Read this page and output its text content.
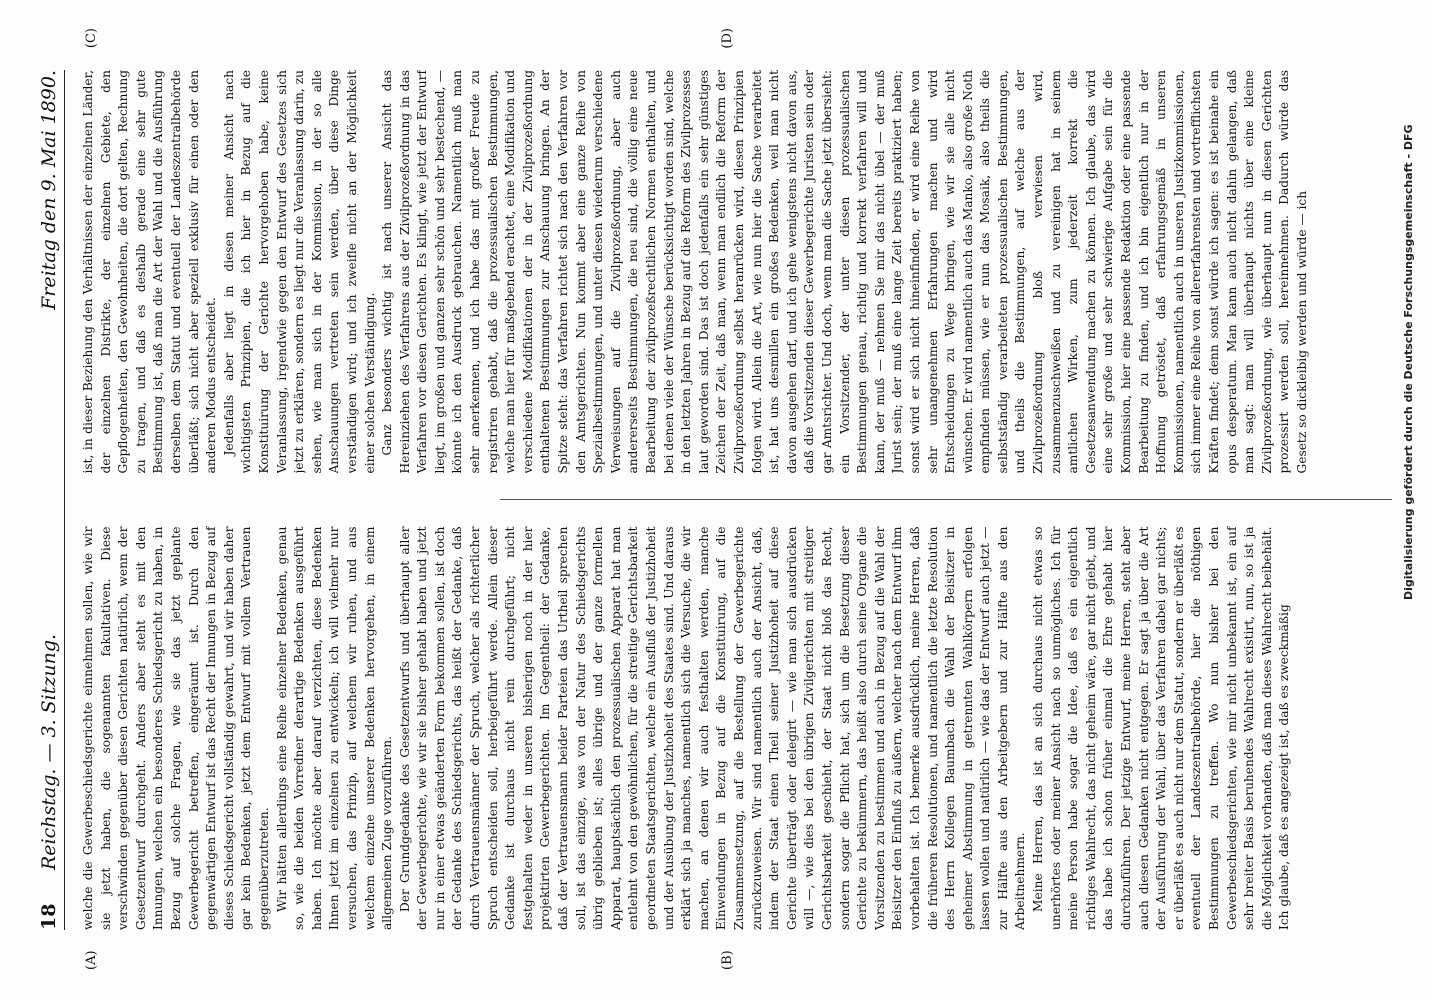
18
Reichstag. — 3. Sitzung.
Freitag den 9. Mai 1890.
(A)	(B)
(C)	(D)

welche die Gewerbeschiedsgerichte einnehmen sollen, wie wir sie jetzt haben, die sogenannten fakultativen. Diese verschwinden gegenüber diesen Gerichten natürlich, wenn der Gesetzentwurf durchgeht. Anders aber steht es mit den Innungen, welchen ein besonderes Schiedsgericht zu haben, in Bezug auf solche Fragen, wie sie das jetzt geplante Gewerbegericht betreffen, eingeräumt ist. Durch den gegenwärtigen Entwurf ist das Recht der Innungen in Bezug auf dieses Schiedsgericht vollständig gewahrt, und wir haben daher gar kein Bedenken, jetzt dem Entwurf mit vollem Vertrauen gegenüberzutreten. Wir hätten allerdings eine Reihe einzelner Bedenken, genau so, wie die beiden Vorredner derartige Bedenken ausgeführt haben. Ich möchte aber darauf verzichten, diese Bedenken Ihnen jetzt im einzelnen zu entwickeln; ich will vielmehr nur versuchen, das Prinzip, auf welchem wir ruhen, und aus welchem einzelne unserer Bedenken hervorgehen, in einem allgemeinen Zuge vorzuführen. Der Grundgedanke des Gesetzentwurfs und überhaupt aller der Gewerbegerichte, wie wir sie bisher gehabt haben und jetzt nur in einer etwas geänderten Form bekommen sollen, ist doch der Gedanke des Schiedsgerichts, das heißt der Gedanke, daß durch Vertrauensmänner der Spruch, welcher als richterlicher Spruch entscheiden soll, herbeigeführt werde. Allein dieser Gedanke ist durchaus nicht rein durchgeführt; nicht festgehalten weder in unseren bisherigen noch in der hier projektirten Gewerbegerichten. Im Gegentheil: der Gedanke, daß der Vertrauensmann beider Parteien das Urtheil sprechen soll, ist das einzige, was von der Natur des Schiedsgerichts übrig geblieben ist; alles übrige und der ganze formellen Apparat, hauptsächlich den prozessualischen Apparat hat man entlehnt von den gewöhnlichen, für die streitige Gerichtsbarkeit geordneten Staatsgerichten, welche ein Ausfluß der Justizhoheit und der Ausübung der Justizhoheit des Staates sind. Und daraus erklärt sich ja manches, namentlich sich die Versuche, die wir machen, an denen wir auch festhalten werden, manche Einwendungen in Bezug auf die Konstituirung, auf die Zusammensetzung, auf die Bestellung der Gewerbegerichte zurückzuweisen. Wir sind namentlich auch der Ansicht, daß, indem der Staat einen Theil seiner Justizhoheit auf diese Gerichte überträgt oder delegirt — wie man sich ausdrücken will —, wie dies bei den übrigen Zivilgerichten mit streitiger Gerichtsbarkeit geschieht, der Staat nicht bloß das Recht, sondern sogar die Pflicht hat, sich um die Besetzung dieser Gerichte zu bekümmern, das heißt also durch seine Organe die Vorsitzenden zu bestimmen und auch in Bezug auf die Wahl der Beisitzer den Einfluß zu äußern, welcher nach dem Entwurf ihm vorbehalten ist. Ich bemerke ausdrücklich, meine Herren, daß die früheren Resolutionen, und namentlich die letzte Resolution des Herrn Kollegen Baumbach die Wahl der Beisitzer in geheimer Abstimmung in getrennten Wahlkörpern erfolgen lassen wollen und natürlich — wie das der Entwurf auch jetzt — zur Hälfte aus den Arbeitgebern und zur Hälfte aus den Arbeitnehmern. Meine Herren, das ist an sich durchaus nicht etwas so unerhörtes oder meiner Ansicht nach so unmögliches. Ich für meine Person habe sogar die Idee, daß es ein eigentlich richtiges Wahlrecht, das nicht geheim wäre, gar nicht giebt, und das habe ich schon früher einmal die Ehre gehabt hier durchzuführen. Der jetzige Entwurf, meine Herren, steht aber auch diesen Gedanken nicht entgegen. Er sagt ja über die Art der Ausführung der Wahl, über das Verfahren dabei gar nichts; er überläßt es auch nicht nur dem Statut, sondern er überläßt es eventuell der Landeszentralbehörde, hier die nöthigen Bestimmungen zu treffen. Wo nun bisher bei den Gewerbeschiedsgerichten, wie mir nicht unbekannt ist, ein auf sehr breiter Basis beruhendes Wahlrecht existirt, nun, so ist ja die Möglichkeit vorhanden, daß man dieses Wahlrecht beibehält. Ich glaube, daß es angezeigt ist, daß es zweckmäßig

ist, in dieser Beziehung den Verhältnissen der einzelnen Länder, der einzelnen Distrikte, der einzelnen Gebiete, den Gepflogenheiten, den Gewohnheiten, die dort gelten, Rechnung zu tragen, und daß es deshalb gerade eine sehr gute Bestimmung ist, daß man die Art der Wahl und die Ausführung derselben dem Statut und eventuell der Landeszentralbehörde überläßt; sich nicht aber speziell exklusiv für einen oder den anderen Modus entscheidet. Jedenfalls aber liegt in diesen meiner Ansicht nach wichtigsten Prinzipien, die ich hier in Bezug auf die Konstituirung der Gerichte hervorgehoben habe, keine Veranlassung, irgendwie gegen den Entwurf des Gesetzes sich jetzt zu erklären, sondern es liegt nur die Veranlassung darin, zu sehen, wie man sich in der Kommission, in der so alle Anschauungen vertreten sein werden, über diese Dinge verständigen wird; und ich zweifle nicht an der Möglichkeit einer solchen Verständigung. Ganz besonders wichtig ist nach unserer Ansicht das Hereinziehen des Verfahrens aus der Zivilprozeßordnung in das Verfahren vor diesen Gerichten. Es klingt, wie jetzt der Entwurf liegt, im großen und ganzen sehr schön und sehr bestechend, — könnte ich den Ausdruck gebrauchen. Namentlich muß man sehr anerkennen, und ich habe das mit großer Freude zu registriren gehabt, daß die prozessualischen Bestimmungen, welche man hier für maßgebend erachtet, eine Modifikation und verschiedene Modifikationen der in der Zivilprozeßordnung enthaltenen Bestimmungen zur Anschauung bringen. An der Spitze steht: das Verfahren richtet sich nach den Verfahren vor den Amtsgerichten. Nun kommt aber eine ganze Reihe von Spezialbestimmungen, und unter diesen wiederum verschiedene Verweisungen auf die Zivilprozeßordnung, aber auch andererseits Bestimmungen, die neu sind, die völlig eine neue Bearbeitung der zivilprozeßrechtlichen Normen enthalten, und bei denen viele der Wünsche berücksichtigt worden sind, welche in den letzten Jahren in Bezug auf die Reform des Zivilprozesses laut geworden sind. Das ist doch jedenfalls ein sehr günstiges Zeichen der Zeit, daß man, wenn man endlich die Reform der Zivilprozeßordnung selbst heranrücken wird, diesen Prinzipien folgen wird. Allein die Art, wie nun hier die Sache verarbeitet ist, hat uns desmillen ein großes Bedenken, weil man nicht davon ausgehen darf, und ich gehe wenigstens nicht davon aus, daß die Vorsitzenden dieser Gewerbegerichte Juristen sein oder gar Amtsrichter. Und doch, wenn man die Sache jetzt übersieht: ein Vorsitzender, der unter diesen prozessualischen Bestimmungen genau, richtig und korrekt verfahren will und kann, der muß — nehmen Sie mir das nicht übel — der muß Jurist sein; der muß eine lange Zeit bereits praktiziert haben; sonst wird er sich nicht hineinfinden, er wird eine Reihe von sehr unangenehmen Erfahrungen machen und wird Entscheidungen zu Wege bringen, wie wir sie alle nicht wünschen. Er wird namentlich auch das Manko, also große Noth empfinden müssen, wie er nun das Mosaik, also theils die selbstständig verarbeiteten prozessualischen Bestimmungen, und theils die Bestimmungen, auf welche aus der Zivilprozeßordnung bloß verwiesen wird, zusammenzuschweißen und zu vereinigen hat in seinem amtlichen Wirken, zum jederzeit korrekt die Gesetzesanwendung machen zu können. Ich glaube, das wird eine sehr große und sehr schwierige Aufgabe sein für die Kommission, hier eine passende Redaktion oder eine passende Bearbeitung zu finden, und ich bin eigentlich nur in der Hoffnung getröstet, daß erfahrungsgemäß in unseren Kommissionen, namentlich auch in unseren Justizkommissionen, sich immer eine Reihe von allererfahrensten und vortrefflichsten Kräften findet; denn sonst würde ich sagen: es ist beinahe ein opus desperatum. Man kann auch nicht dahin gelangen, daß man sagt: man will überhaupt nichts über eine kleine Zivilprozeßordnung, wie überhaupt nun in diesen Gerichten prozessirt werden soll, hereinnehmen. Dadurch würde das Gesetz so dickleibig werden und würde — ich	Digitalisierung gefördert durch die Deutsche Forschungsgemeinschaft - DFG
